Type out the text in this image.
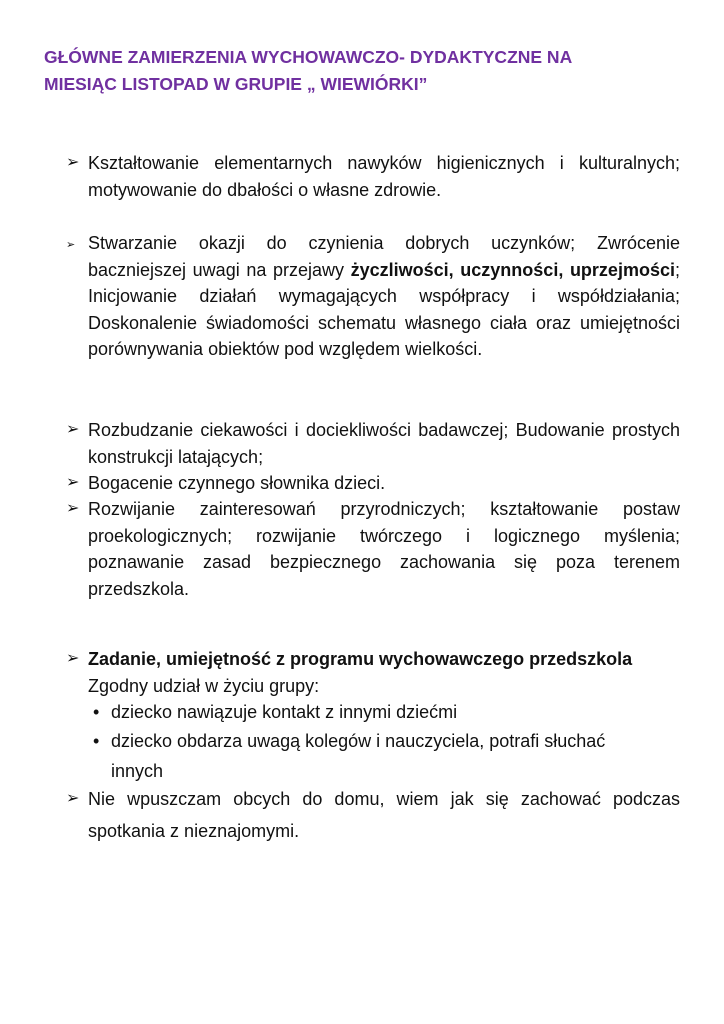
GŁÓWNE ZAMIERZENIA WYCHOWAWCZO- DYDAKTYCZNE NA
MIESIĄC LISTOPAD W GRUPIE „ WIEWIÓRKI”
➢ Kształtowanie elementarnych nawyków higienicznych i kulturalnych; motywowanie do dbałości o własne zdrowie.
➢ Stwarzanie okazji do czynienia dobrych uczynków; Zwrócenie baczniejszej uwagi na przejawy życzliwości, uczynności, uprzejmości; Inicjowanie działań wymagających współpracy i współdziałania; Doskonalenie świadomości schematu własnego ciała oraz umiejętności porównywania obiektów pod względem wielkości.
➢ Rozbudzanie ciekawości i dociekliwości badawczej; Budowanie prostych konstrukcji latających;
➢ Bogacenie czynnego słownika dzieci.
➢ Rozwijanie zainteresowań przyrodniczych; kształtowanie postaw proekologicznych; rozwijanie twórczego i logicznego myślenia; poznawanie zasad bezpiecznego zachowania się poza terenem przedszkola.
➢ Zadanie, umiejętność z programu wychowawczego przedszkola
Zgodny udział w życiu grupy:
• dziecko nawiązuje kontakt z innymi dziećmi
• dziecko obdarza uwagą kolegów i nauczyciela, potrafi słuchać innych
➢ Nie wpuszczam obcych do domu, wiem jak się zachować podczas spotkania z nieznajomymi.
